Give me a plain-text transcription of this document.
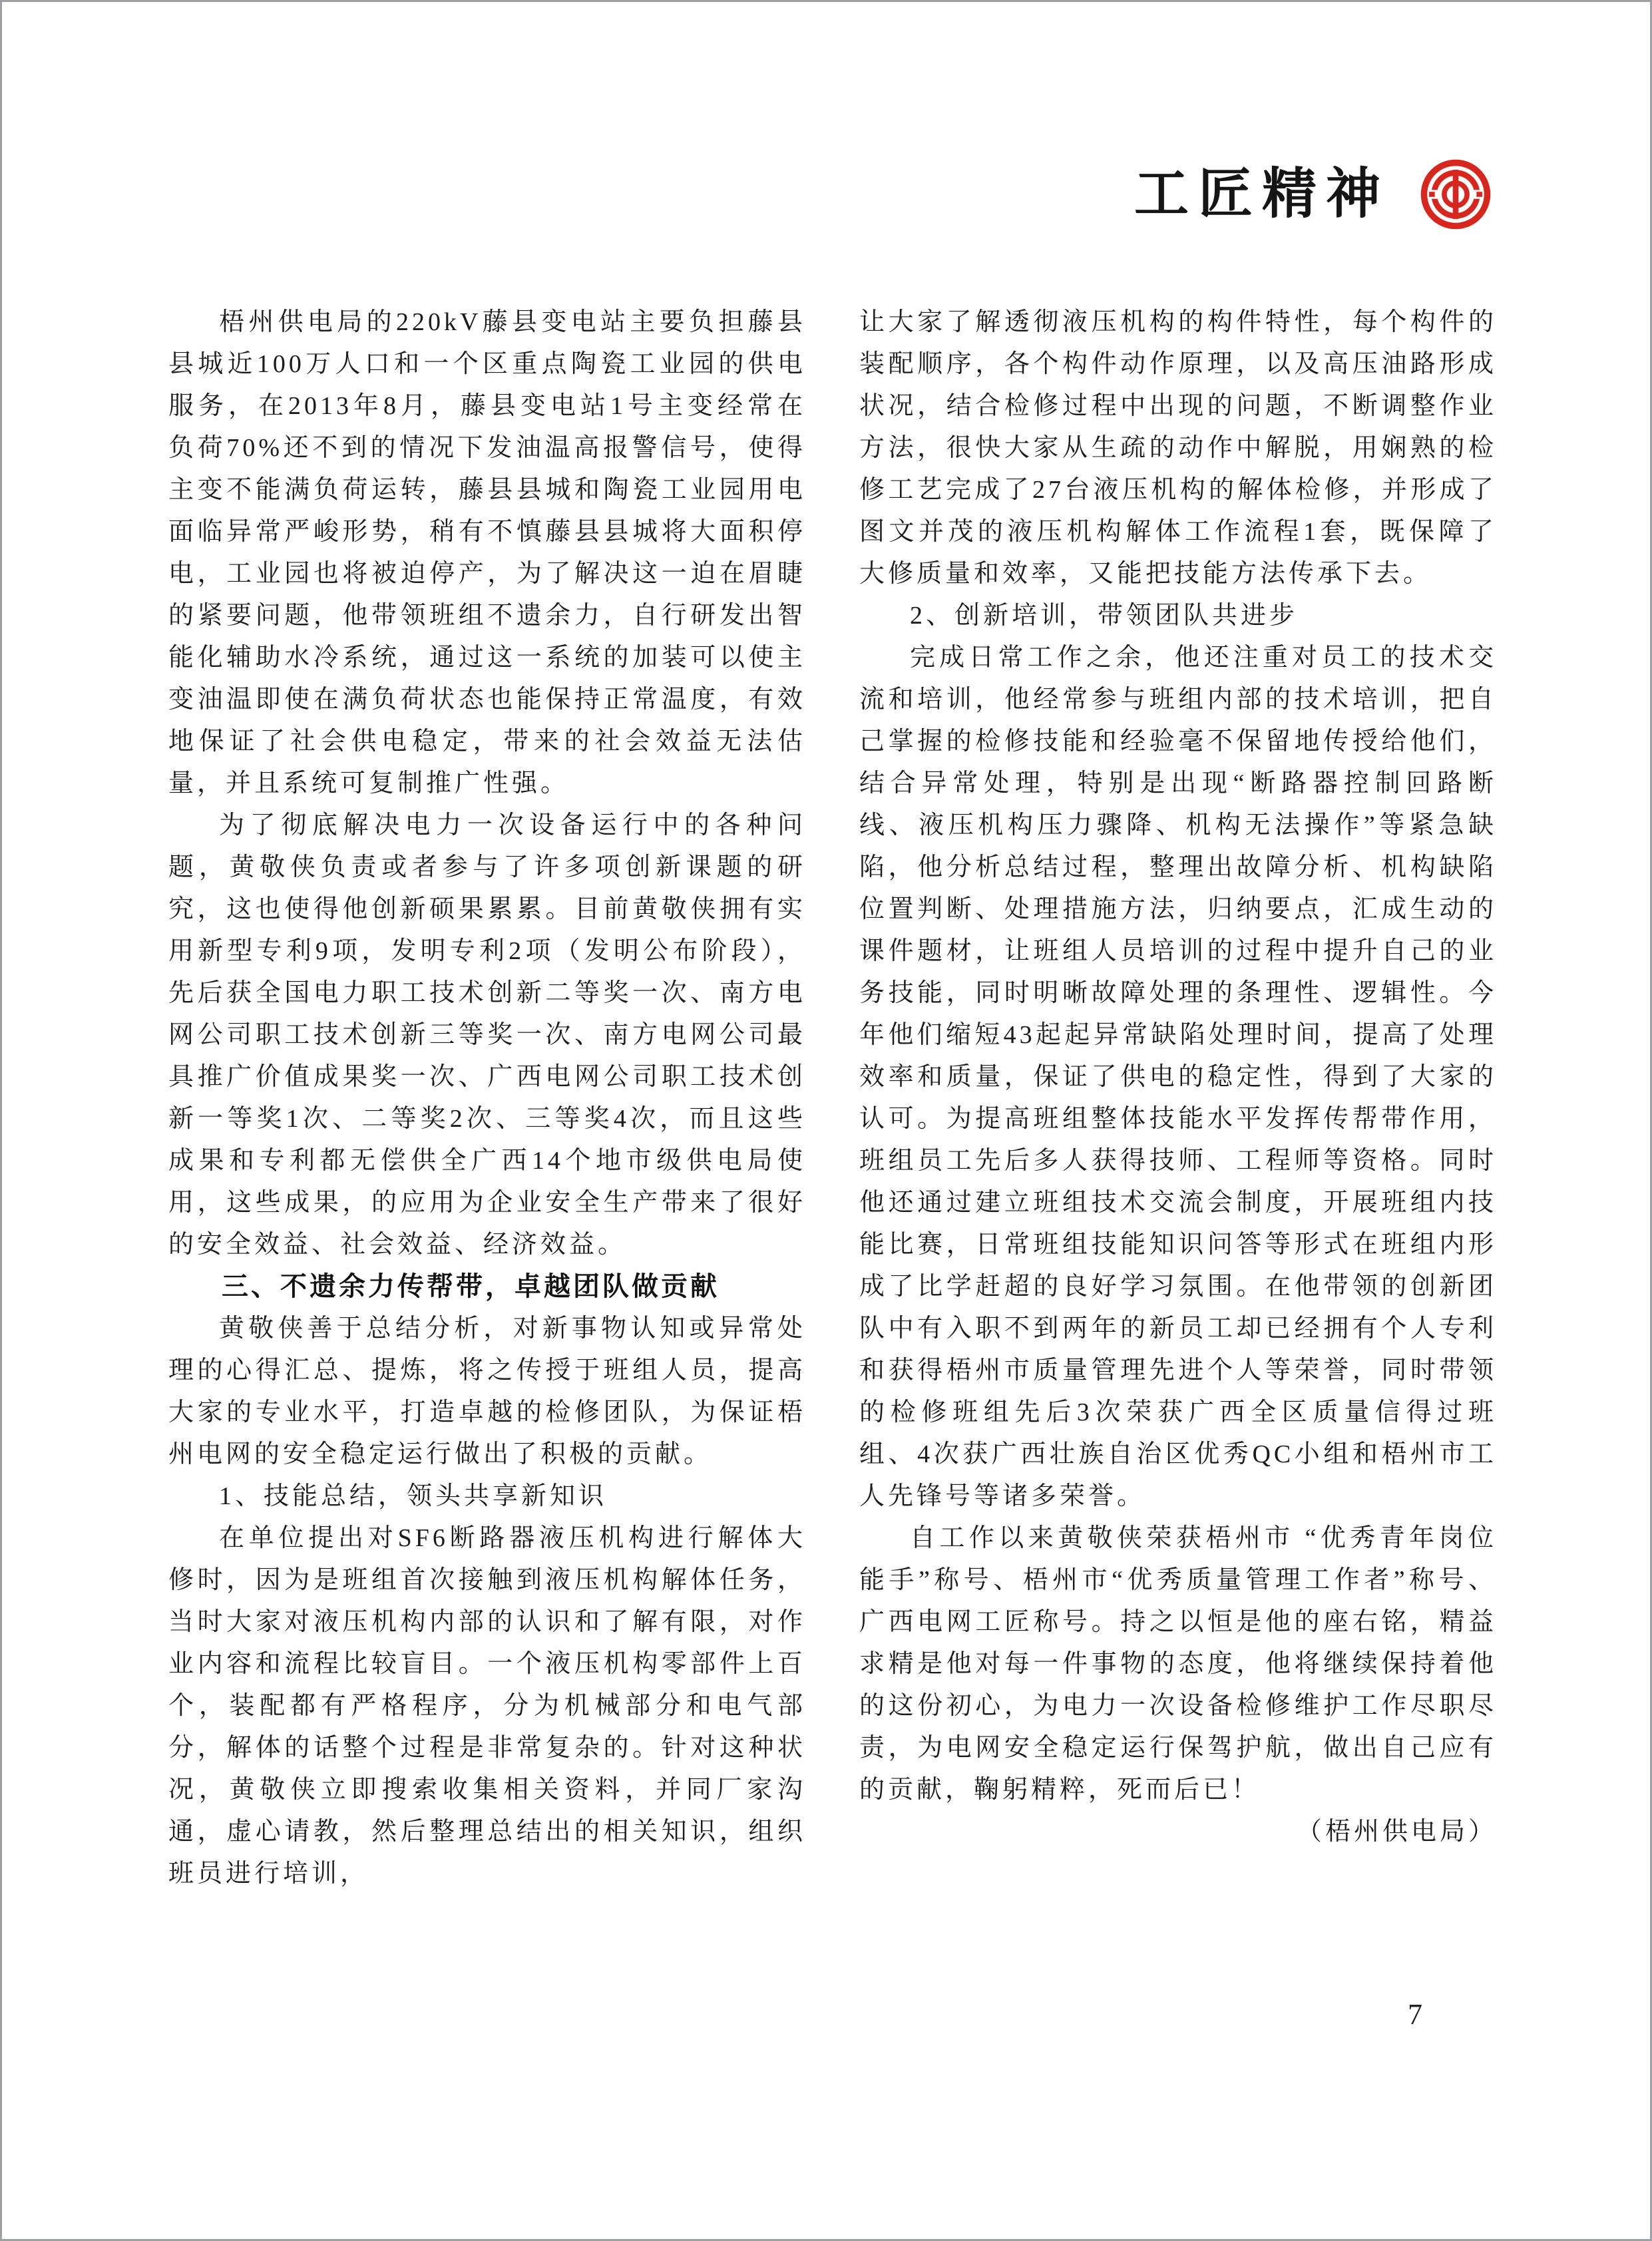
工匠精神

梧州供电局的220kV藤县变电站主要负担藤县县城近100万人口和一个区重点陶瓷工业园的供电服务，在2013年8月，藤县变电站1号主变经常在负荷70%还不到的情况下发油温高报警信号，使得主变不能满负荷运转，藤县县城和陶瓷工业园用电面临异常严峻形势，稍有不慎藤县县城将大面积停电，工业园也将被迫停产，为了解决这一迫在眉睫的紧要问题，他带领班组不遗余力，自行研发出智能化辅助水冷系统，通过这一系统的加装可以使主变油温即使在满负荷状态也能保持正常温度，有效地保证了社会供电稳定，带来的社会效益无法估量，并且系统可复制推广性强。

为了彻底解决电力一次设备运行中的各种问题，黄敬侠负责或者参与了许多项创新课题的研究，这也使得他创新硕果累累。目前黄敬侠拥有实用新型专利9项，发明专利2项（发明公布阶段），先后获全国电力职工技术创新二等奖一次、南方电网公司职工技术创新三等奖一次、南方电网公司最具推广价值成果奖一次、广西电网公司职工技术创新一等奖1次、二等奖2次、三等奖4次，而且这些成果和专利都无偿供全广西14个地市级供电局使用，这些成果，的应用为企业安全生产带来了很好的安全效益、社会效益、经济效益。

三、不遗余力传帮带，卓越团队做贡献

黄敬侠善于总结分析，对新事物认知或异常处理的心得汇总、提炼，将之传授于班组人员，提高大家的专业水平，打造卓越的检修团队，为保证梧州电网的安全稳定运行做出了积极的贡献。

1、技能总结，领头共享新知识

在单位提出对SF6断路器液压机构进行解体大修时，因为是班组首次接触到液压机构解体任务，当时大家对液压机构内部的认识和了解有限，对作业内容和流程比较盲目。一个液压机构零部件上百个，装配都有严格程序，分为机械部分和电气部分，解体的话整个过程是非常复杂的。针对这种状况，黄敬侠立即搜索收集相关资料，并同厂家沟通，虚心请教，然后整理总结出的相关知识，组织班员进行培训，

让大家了解透彻液压机构的构件特性，每个构件的装配顺序，各个构件动作原理，以及高压油路形成状况，结合检修过程中出现的问题，不断调整作业方法，很快大家从生疏的动作中解脱，用娴熟的检修工艺完成了27台液压机构的解体检修，并形成了图文并茂的液压机构解体工作流程1套，既保障了大修质量和效率，又能把技能方法传承下去。

2、创新培训，带领团队共进步

完成日常工作之余，他还注重对员工的技术交流和培训，他经常参与班组内部的技术培训，把自己掌握的检修技能和经验毫不保留地传授给他们，结合异常处理，特别是出现“断路器控制回路断线、液压机构压力骤降、机构无法操作”等紧急缺陷，他分析总结过程，整理出故障分析、机构缺陷位置判断、处理措施方法，归纳要点，汇成生动的课件题材，让班组人员培训的过程中提升自己的业务技能，同时明晰故障处理的条理性、逻辑性。今年他们缩短43起起异常缺陷处理时间，提高了处理效率和质量，保证了供电的稳定性，得到了大家的认可。为提高班组整体技能水平发挥传帮带作用，班组员工先后多人获得技师、工程师等资格。同时他还通过建立班组技术交流会制度，开展班组内技能比赛，日常班组技能知识问答等形式在班组内形成了比学赶超的良好学习氛围。在他带领的创新团队中有入职不到两年的新员工却已经拥有个人专利和获得梧州市质量管理先进个人等荣誉，同时带领的检修班组先后3次荣获广西全区质量信得过班组、4次获广西壮族自治区优秀QC小组和梧州市工人先锋号等诸多荣誉。

自工作以来黄敬侠荣获梧州市 “优秀青年岗位能手”称号、梧州市“优秀质量管理工作者”称号、广西电网工匠称号。持之以恒是他的座右铭，精益求精是他对每一件事物的态度，他将继续保持着他的这份初心，为电力一次设备检修维护工作尽职尽责，为电网安全稳定运行保驾护航，做出自己应有的贡献，鞠躬精粹，死而后已！

（梧州供电局）

7
